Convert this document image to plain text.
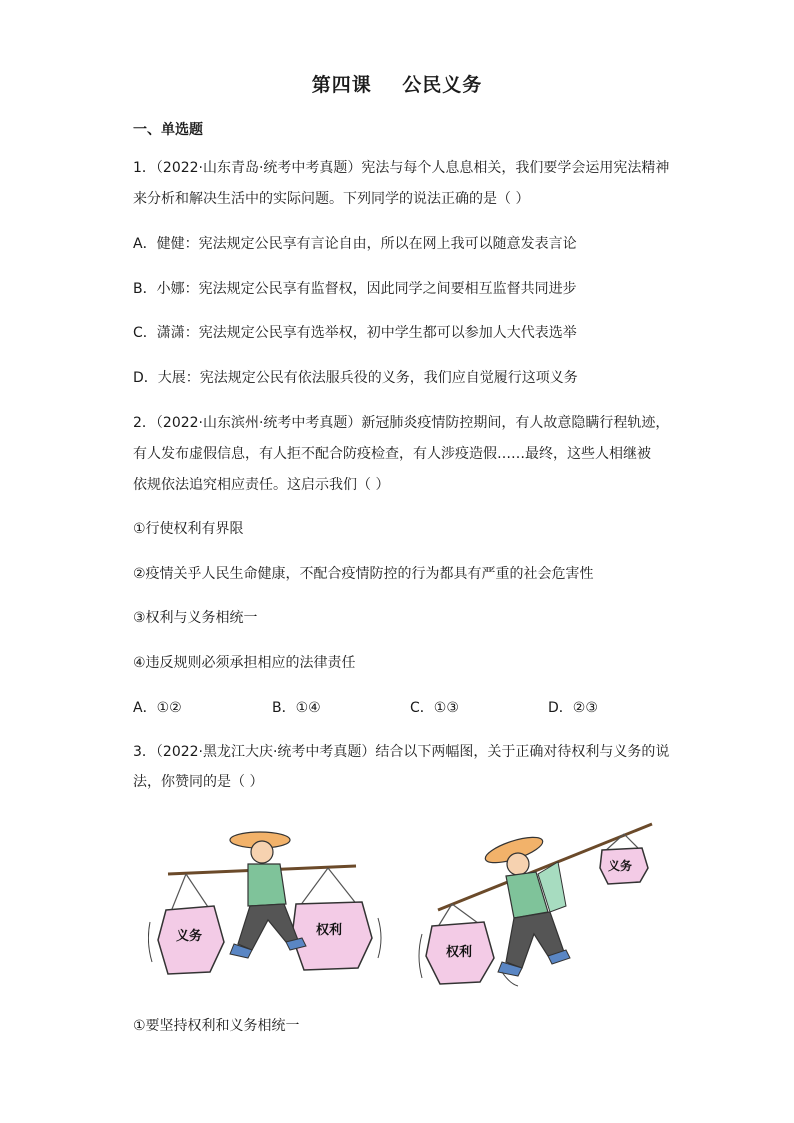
第四课    公民义务
一、单选题
1．（2022·山东青岛·统考中考真题）宪法与每个人息息相关，我们要学会运用宪法精神
来分析和解决生活中的实际问题。下列同学的说法正确的是（ ）
A．健健：宪法规定公民享有言论自由，所以在网上我可以随意发表言论
B．小娜：宪法规定公民享有监督权，因此同学之间要相互监督共同进步
C．潇潇：宪法规定公民享有选举权，初中学生都可以参加人大代表选举
D．大展：宪法规定公民有依法服兵役的义务，我们应自觉履行这项义务
2．（2022·山东滨州·统考中考真题）新冠肺炎疫情防控期间，有人故意隐瞒行程轨迹，
有人发布虚假信息，有人拒不配合防疫检查，有人涉疫造假……最终，这些人相继被
依规依法追究相应责任。这启示我们（ ）
①行使权利有界限
②疫情关乎人民生命健康，不配合疫情防控的行为都具有严重的社会危害性
③权利与义务相统一
④违反规则必须承担相应的法律责任
A．①②	B．①④	C．①③	D．②③
3．（2022·黑龙江大庆·统考中考真题）结合以下两幅图，关于正确对待权利与义务的说
法，你赞同的是（ ）
义务	权利
义务
权利
①要坚持权利和义务相统一
